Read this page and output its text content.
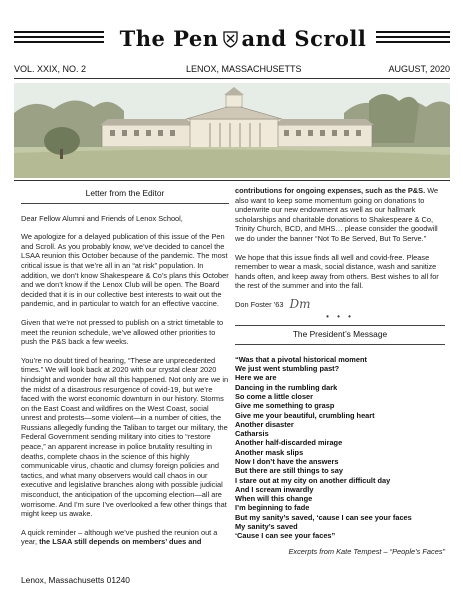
The Pen and Scroll
VOL. XXIX, NO. 2	LENOX, MASSACHUSETTS	AUGUST, 2020
Letter from the Editor
Dear Fellow Alumni and Friends of Lenox School,
We apologize for a delayed publication of this issue of the Pen and Scroll. As you probably know, we’ve decided to cancel the LSAA reunion this October because of the pandemic. The most critical issue is that we’re all in an “at risk” population. In addition, we don’t know Shakespeare & Co’s plans this October and we don’t know if the Lenox Club will be open. The Board decided that it is in our collective best interests to wait out the pandemic, and in particular to watch for an effective vaccine.
Given that we’re not pressed to publish on a strict timetable to meet the reunion schedule, we’ve allowed other priorities to push the P&S back a few weeks.
You’re no doubt tired of hearing, “These are unprecedented times.” We will look back at 2020 with our crystal clear 2020 hindsight and wonder how all this happened. Not only are we in the midst of a disastrous resurgence of covid-19, but we’re faced with the worst economic downturn in our history. Storms on the East Coast and wildfires on the West Coast, social unrest and protests—some violent—in a number of cities, the Russians allegedly funding the Taliban to target our military, the Federal Government sending military into cities to “restore peace,” an apparent increase in police brutality resulting in deaths, complete chaos in the science of this highly communicable virus, chaotic and clumsy foreign policies and tactics, and what many observers would call chaos in our executive and legislative branches along with possible judicial misconduct, the anticipation of the upcoming election—all are worrisome. And I’m sure I’ve overlooked a few other things that might keep us awake.
A quick reminder – although we’ve pushed the reunion out a year, the LSAA still depends on members’ dues and
Lenox, Massachusetts 01240
contributions for ongoing expenses, such as the P&S. We also want to keep some momentum going on donations to underwrite our new endowment as well as our hallmark scholarships and charitable donations to Shakespeare & Co, Trinity Church, BCD, and MHS… please consider the goodwill we do under the banner “Not To Be Served, But To Serve.”
We hope that this issue finds all well and covid-free. Please remember to wear a mask, social distance, wash and sanitize hands often, and keep away from others. Best wishes to all for the rest of the summer and into the fall.
Don Foster ’63 Dm
• • •
The President’s Message
“Was that a pivotal historical moment
We just went stumbling past?
Here we are
Dancing in the rumbling dark
So come a little closer
Give me something to grasp
Give me your beautiful, crumbling heart
Another disaster
Catharsis
Another half-discarded mirage
Another mask slips
Now I don’t have the answers
But there are still things to say
I stare out at my city on another difficult day
And I scream inwardly
When will this change
I’m beginning to fade
But my sanity’s saved, ‘cause I can see your faces
My sanity’s saved
‘Cause I can see your faces”
Excerpts from Kate Tempest – “People’s Faces”
